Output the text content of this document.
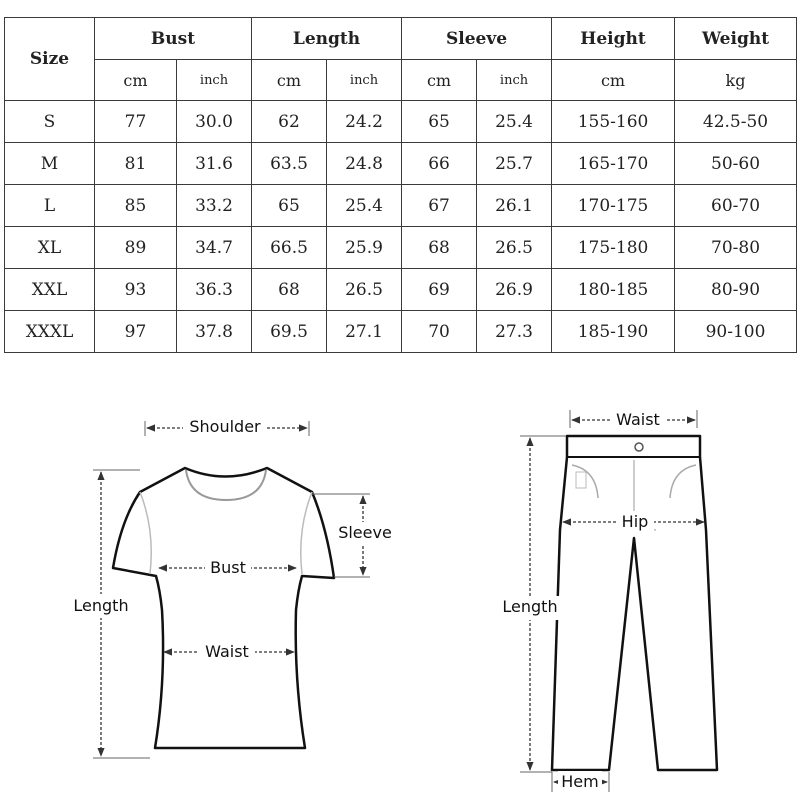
Size	Bust		Length		Sleeve		Height	Weight
	cm	inch	cm	inch	cm	inch	cm	kg
S	77	30.0	62	24.2	65	25.4	155-160	42.5-50
M	81	31.6	63.5	24.8	66	25.7	165-170	50-60
L	85	33.2	65	25.4	67	26.1	170-175	60-70
XL	89	34.7	66.5	25.9	68	26.5	175-180	70-80
XXL	93	36.3	68	26.5	69	26.9	180-185	80-90
XXXL	97	37.8	69.5	27.1	70	27.3	185-190	90-100
Shoulder
Length
Sleeve
Bust
Waist
Waist
Hip
Length
Hem
